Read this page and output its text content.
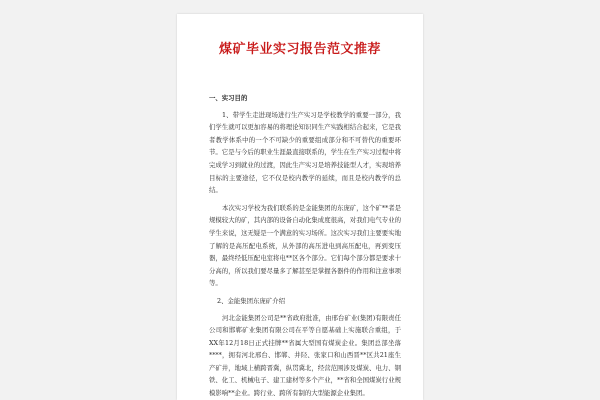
煤矿毕业实习报告范文推荐
一、实习目的
1、带学生走进现场进行生产实习是学校教学的重要一部分，我们学生就可以更加容易的将理论知识同生产实践相结合起来，它是我者教学体系中的一个不可缺少的重要组成部分和不可替代的重要环节。它是与今后的职业生涯最直接联系的，学生在生产实习过程中将完成学习到就业的过渡，因此生产实习是培养技能型人才，实现培养目标的主要途径，它不仅是校内教学的延续，而且是校内教学的总结。
本次实习学校为我们联系的是金能集团的东庞矿，这个矿**者是规模较大的矿，其内部的设备自动化集成度很高，对我们电气专业的学生来说，这无疑是一个满意的实习场所。这次实习我们主要要实地了解的是高压配电系统，从外部的高压进电到高压配电，再到变压器，最终经低压配电室将电**区各个部分。它们每个部分都是要求十分高的，所以我们要尽量多了解甚至是掌握各器件的作用和注意事项等。
2、金能集团东庞矿介绍
河北金能集团公司是**省政府批准，由邢台矿业(集团)有限责任公司和邯郸矿业集团有限公司在平等自愿基础上实施联合重组，于XX年12月18日正式挂牌**省属大型国有煤炭企业。集团总部坐落****，拥有河北邢台、邯郸、井陉、张家口和山西晋**区共21座生产矿井，地域上横跨晋冀，纵贯冀北，经营范围涉及煤炭、电力、钢铁、化工、机械电子、建工建材等多个产业，**省和全国煤炭行业规模影响**企业。跨行业、跨所有制的大型能源企业集团。
